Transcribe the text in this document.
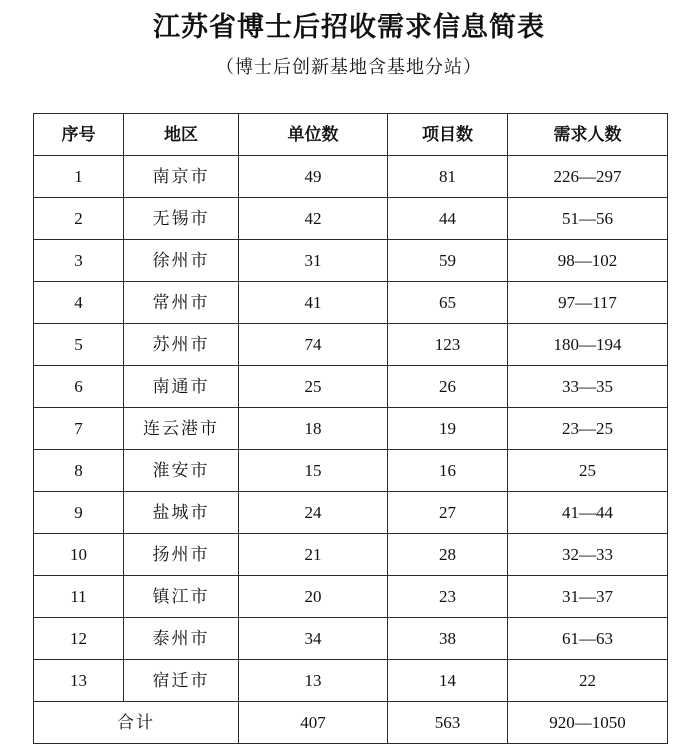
江苏省博士后招收需求信息简表
（博士后创新基地含基地分站）
序号	地区	单位数	项目数	需求人数
1	南京市	49	81	226—297
2	无锡市	42	44	51—56
3	徐州市	31	59	98—102
4	常州市	41	65	97—117
5	苏州市	74	123	180—194
6	南通市	25	26	33—35
7	连云港市	18	19	23—25
8	淮安市	15	16	25
9	盐城市	24	27	41—44
10	扬州市	21	28	32—33
11	镇江市	20	23	31—37
12	泰州市	34	38	61—63
13	宿迁市	13	14	22
合计		407	563	920—1050
